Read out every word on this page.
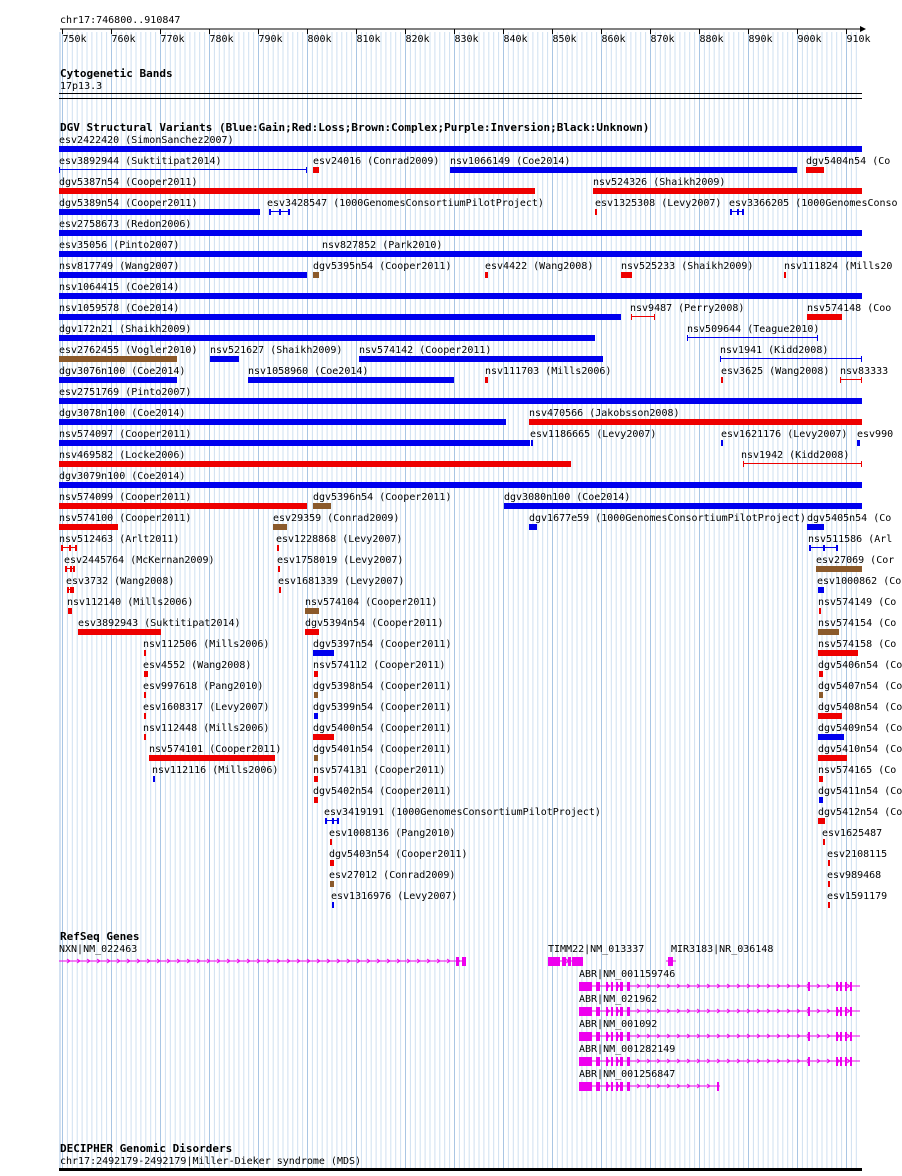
chr17:746800..910847
750k 760k 770k 780k 790k 800k 810k 820k 830k 840k 850k 860k 870k 880k 890k 900k 910k
Cytogenetic Bands
17p13.3
DGV Structural Variants (Blue:Gain;Red:Loss;Brown:Complex;Purple:Inversion;Black:Unknown)
esv2422420 (SimonSanchez2007)
esv3892944 (Suktitipat2014)	esv24016 (Conrad2009) nsv1066149 (Coe2014)	dgv5404n54 (Co
dgv5387n54 (Cooper2011)	nsv524326 (Shaikh2009)
dgv5389n54 (Cooper2011)	esv3428547 (1000GenomesConsortiumPilotProject)	esv1325308 (Levy2007) esv3366205 (1000GenomesConso
esv2758673 (Redon2006)
esv35056 (Pinto2007)	nsv827852 (Park2010)
nsv817749 (Wang2007)	dgv5395n54 (Cooper2011)	esv4422 (Wang2008)	nsv525233 (Shaikh2009)	nsv111824 (Mills20
nsv1064415 (Coe2014)
nsv1059578 (Coe2014)	nsv9487 (Perry2008)	nsv574148 (Coo
dgv172n21 (Shaikh2009)	nsv509644 (Teague2010)
esv2762455 (Vogler2010) nsv521627 (Shaikh2009) nsv574142 (Cooper2011)	nsv1941 (Kidd2008)
dgv3076n100 (Coe2014)	nsv1058960 (Coe2014)	nsv111703 (Mills2006)	esv3625 (Wang2008) nsv83333
esv2751769 (Pinto2007)
dgv3078n100 (Coe2014)	nsv470566 (Jakobsson2008)
nsv574097 (Cooper2011)	esv1186665 (Levy2007)	esv1621176 (Levy2007) esv990
nsv469582 (Locke2006)	nsv1942 (Kidd2008)
dgv3079n100 (Coe2014)
nsv574099 (Cooper2011)	dgv5396n54 (Cooper2011)	dgv3080n100 (Coe2014)
nsv574100 (Cooper2011)	esv29359 (Conrad2009)	dgv1677e59 (1000GenomesConsortiumPilotProject) dgv5405n54 (Co
nsv512463 (Arlt2011)	esv1228868 (Levy2007)	nsv511586 (Arl
esv2445764 (McKernan2009)	esv1758019 (Levy2007)	esv27069 (Cor
esv3732 (Wang2008)	esv1681339 (Levy2007)	esv1000862 (Co
nsv112140 (Mills2006)	nsv574104 (Cooper2011)	nsv574149 (Co
esv3892943 (Suktitipat2014)	dgv5394n54 (Cooper2011)	nsv574154 (Co
nsv112506 (Mills2006)	dgv5397n54 (Cooper2011)	nsv574158 (Co
esv4552 (Wang2008)	nsv574112 (Cooper2011)	dgv5406n54 (Co
esv997618 (Pang2010)	dgv5398n54 (Cooper2011)	dgv5407n54 (Co
esv1608317 (Levy2007)	dgv5399n54 (Cooper2011)	dgv5408n54 (Co
nsv112448 (Mills2006)	dgv5400n54 (Cooper2011)	dgv5409n54 (Co
nsv574101 (Cooper2011)	dgv5401n54 (Cooper2011)	dgv5410n54 (Co
nsv112116 (Mills2006)	nsv574131 (Cooper2011)	nsv574165 (Co
dgv5402n54 (Cooper2011)	dgv5411n54 (Co
esv3419191 (1000GenomesConsortiumPilotProject)	dgv5412n54 (Co
esv1008136 (Pang2010)	esv1625487
dgv5403n54 (Cooper2011)	esv2108115
esv27012 (Conrad2009)	esv989468
esv1316976 (Levy2007)	esv1591179
RefSeq Genes
NXN|NM_022463	TIMM22|NM_013337	MIR3183|NR_036148
ABR|NM_001159746
ABR|NM_021962
ABR|NM_001092
ABR|NM_001282149
ABR|NM_001256847
DECIPHER Genomic Disorders
chr17:2492179-2492179|Miller-Dieker syndrome (MDS)
